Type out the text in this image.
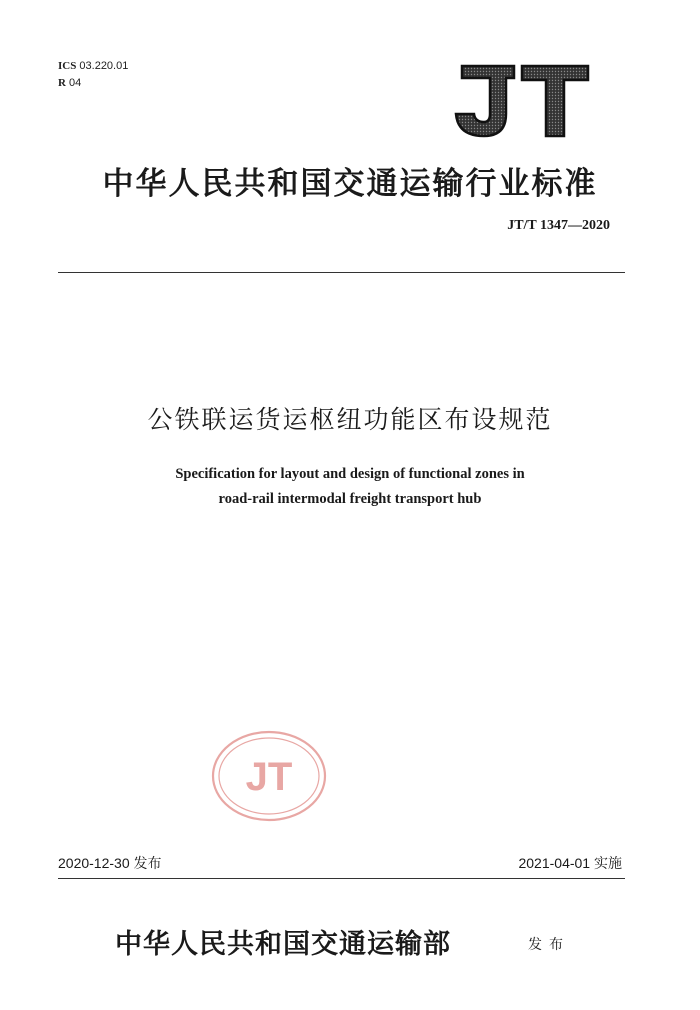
ICS 03.220.01
R 04
中华人民共和国交通运输行业标准
JT/T 1347—2020
公铁联运货运枢纽功能区布设规范
Specification for layout and design of functional zones in
road-rail intermodal freight transport hub
JT
2020-12-30 发布	2021-04-01 实施
中华人民共和国交通运输部	发布
